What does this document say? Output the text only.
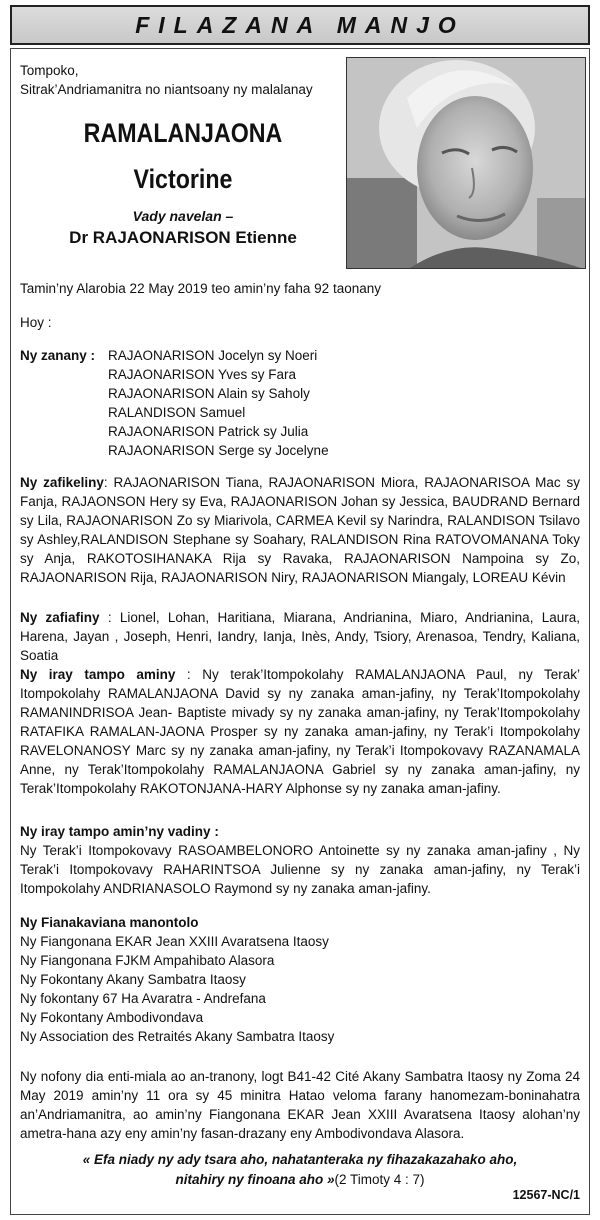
FILAZANA MANJO
Tompoko,
Sitrak’Andriamanitra no niantsoany ny malalanay
RAMALANJAONA
Victorine
Vady navelan –
Dr RAJAONARISON Etienne
Tamin’ny Alarobia 22 May 2019 teo amin’ny faha 92 taonany
Hoy :
Ny zanany : RAJAONARISON Jocelyn sy Noeri
RAJAONARISON Yves sy Fara
RAJAONARISON Alain sy Saholy
RALANDISON Samuel
RAJAONARISON Patrick sy Julia
RAJAONARISON Serge sy Jocelyne
Ny zafikeliny: RAJAONARISON Tiana, RAJAONARISON Miora, RAJAONARISOA Mac sy Fanja, RAJAONSON Hery sy Eva, RAJAONARISON Johan sy Jessica, BAUDRAND Bernard sy Lila, RAJAONARISON Zo sy Miarivola, CARMEA Kevil sy Narindra, RALANDISON Tsilavo sy Ashley,RALANDISON Stephane sy Soahary, RALANDISON Rina RATOVOMANANA Toky sy Anja, RAKOTOSIHANAKA Rija sy Ravaka, RAJAONARISON Nampoina sy Zo, RAJAONARISON Rija, RAJAONARISON Niry, RAJAONARISON Miangaly, LOREAU Kévin
Ny zafiafiny : Lionel, Lohan, Haritiana, Miarana, Andrianina, Miaro, Andrianina, Laura, Harena, Jayan , Joseph, Henri, Iandry, Ianja, Inès, Andy, Tsiory, Arenasoa, Tendry, Kaliana, Soatia
Ny iray tampo aminy : Ny terak’Itompokolahy RAMALANJAONA Paul, ny Terak’ Itompokolahy RAMALANJAONA David sy ny zanaka aman-jafiny, ny Terak’Itompokolahy RAMANINDRISOA Jean- Baptiste mivady sy ny zanaka aman-jafiny, ny Terak’Itompokolahy RATAFIKA RAMALAN-JAONA Prosper sy ny zanaka aman-jafiny, ny Terak’i Itompokolahy RAVELONANOSY Marc sy ny zanaka aman-jafiny, ny Terak’i Itompokovavy RAZANAMALA Anne, ny Terak’Itompokolahy RAMALANJAONA Gabriel sy ny zanaka aman-jafiny, ny Terak’Itompokolahy RAKOTONJANA-HARY Alphonse sy ny zanaka aman-jafiny.
Ny iray tampo amin’ny vadiny :
Ny Terak’i Itompokovavy RASOAMBELONORO Antoinette sy ny zanaka aman-jafiny , Ny Terak’i Itompokovavy RAHARINTSOA Julienne sy ny zanaka aman-jafiny, ny Terak’i Itompokolahy ANDRIANASOLO Raymond sy ny zanaka aman-jafiny.
Ny Fianakaviana manontolo
Ny Fiangonana EKAR Jean XXIII Avaratsena Itaosy
Ny Fiangonana FJKM Ampahibato Alasora
Ny Fokontany Akany Sambatra Itaosy
Ny fokontany 67 Ha Avaratra - Andrefana
Ny Fokontany Ambodivondava
Ny Association des Retraités Akany Sambatra Itaosy
Ny nofony dia enti-miala ao an-tranony, logt B41-42 Cité Akany Sambatra Itaosy ny Zoma 24 May 2019 amin’ny 11 ora sy 45 minitra Hatao veloma farany hanomezam-boninahatra an’Andriamanitra, ao amin’ny Fiangonana EKAR Jean XXIII Avaratsena Itaosy alohan’ny ametra-hana azy eny amin’ny fasan-drazany eny Ambodivondava Alasora.
« Efa niady ny ady tsara aho, nahatanteraka ny fihazakazahako aho,
nitahiry ny finoana aho »(2 Timoty 4 : 7)
12567-NC/1
